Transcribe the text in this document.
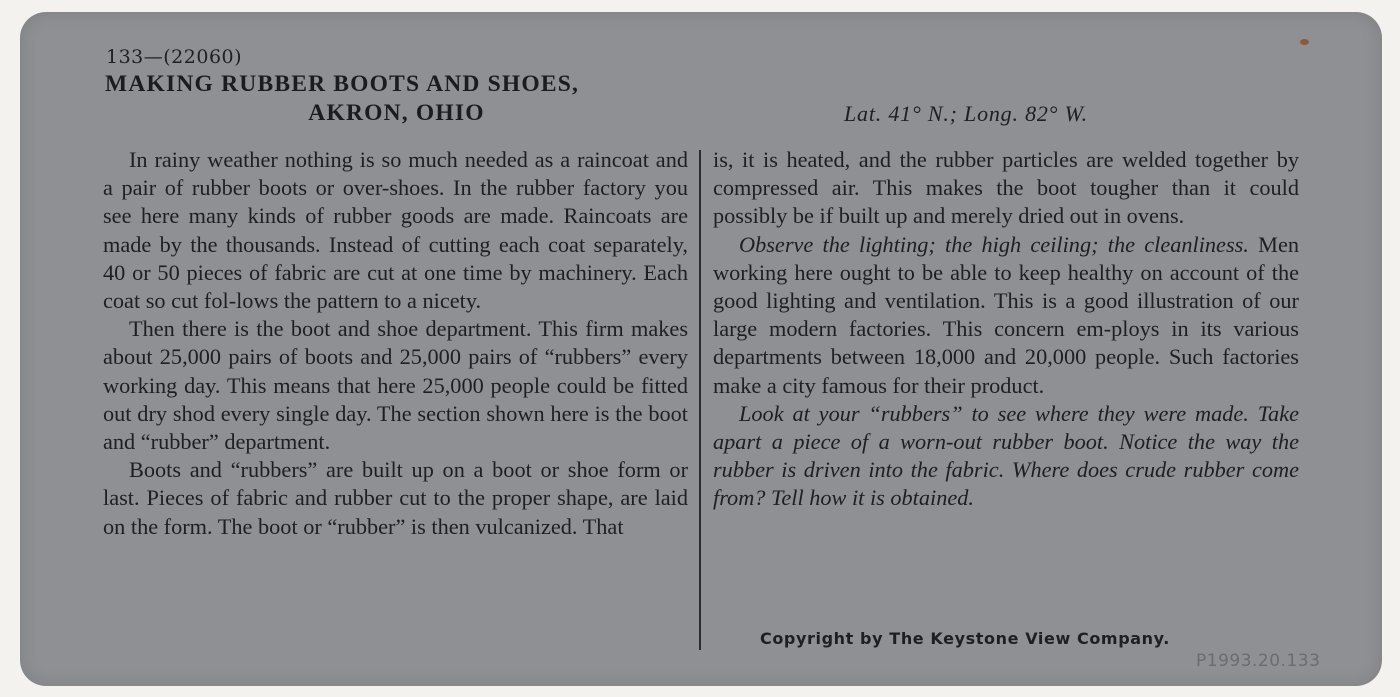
133—(22060)
MAKING RUBBER BOOTS AND SHOES,
AKRON, OHIO	Lat. 41° N.; Long. 82° W.

In rainy weather nothing is so much needed as a raincoat and a pair of rubber boots or over-shoes. In the rubber factory you see here many kinds of rubber goods are made. Raincoats are made by the thousands. Instead of cutting each coat separately, 40 or 50 pieces of fabric are cut at one time by machinery. Each coat so cut fol-lows the pattern to a nicety.

Then there is the boot and shoe department. This firm makes about 25,000 pairs of boots and 25,000 pairs of “rubbers” every working day. This means that here 25,000 people could be fitted out dry shod every single day. The section shown here is the boot and “rubber” department.

Boots and “rubbers” are built up on a boot or shoe form or last. Pieces of fabric and rubber cut to the proper shape, are laid on the form. The boot or “rubber” is then vulcanized. That

is, it is heated, and the rubber particles are welded together by compressed air. This makes the boot tougher than it could possibly be if built up and merely dried out in ovens.

Observe the lighting; the high ceiling; the cleanliness. Men working here ought to be able to keep healthy on account of the good lighting and ventilation. This is a good illustration of our large modern factories. This concern em-ploys in its various departments between 18,000 and 20,000 people. Such factories make a city famous for their product.

Look at your “rubbers” to see where they were made. Take apart a piece of a worn-out rubber boot. Notice the way the rubber is driven into the fabric. Where does crude rubber come from? Tell how it is obtained.

Copyright by The Keystone View Company.
P1993.20.133
